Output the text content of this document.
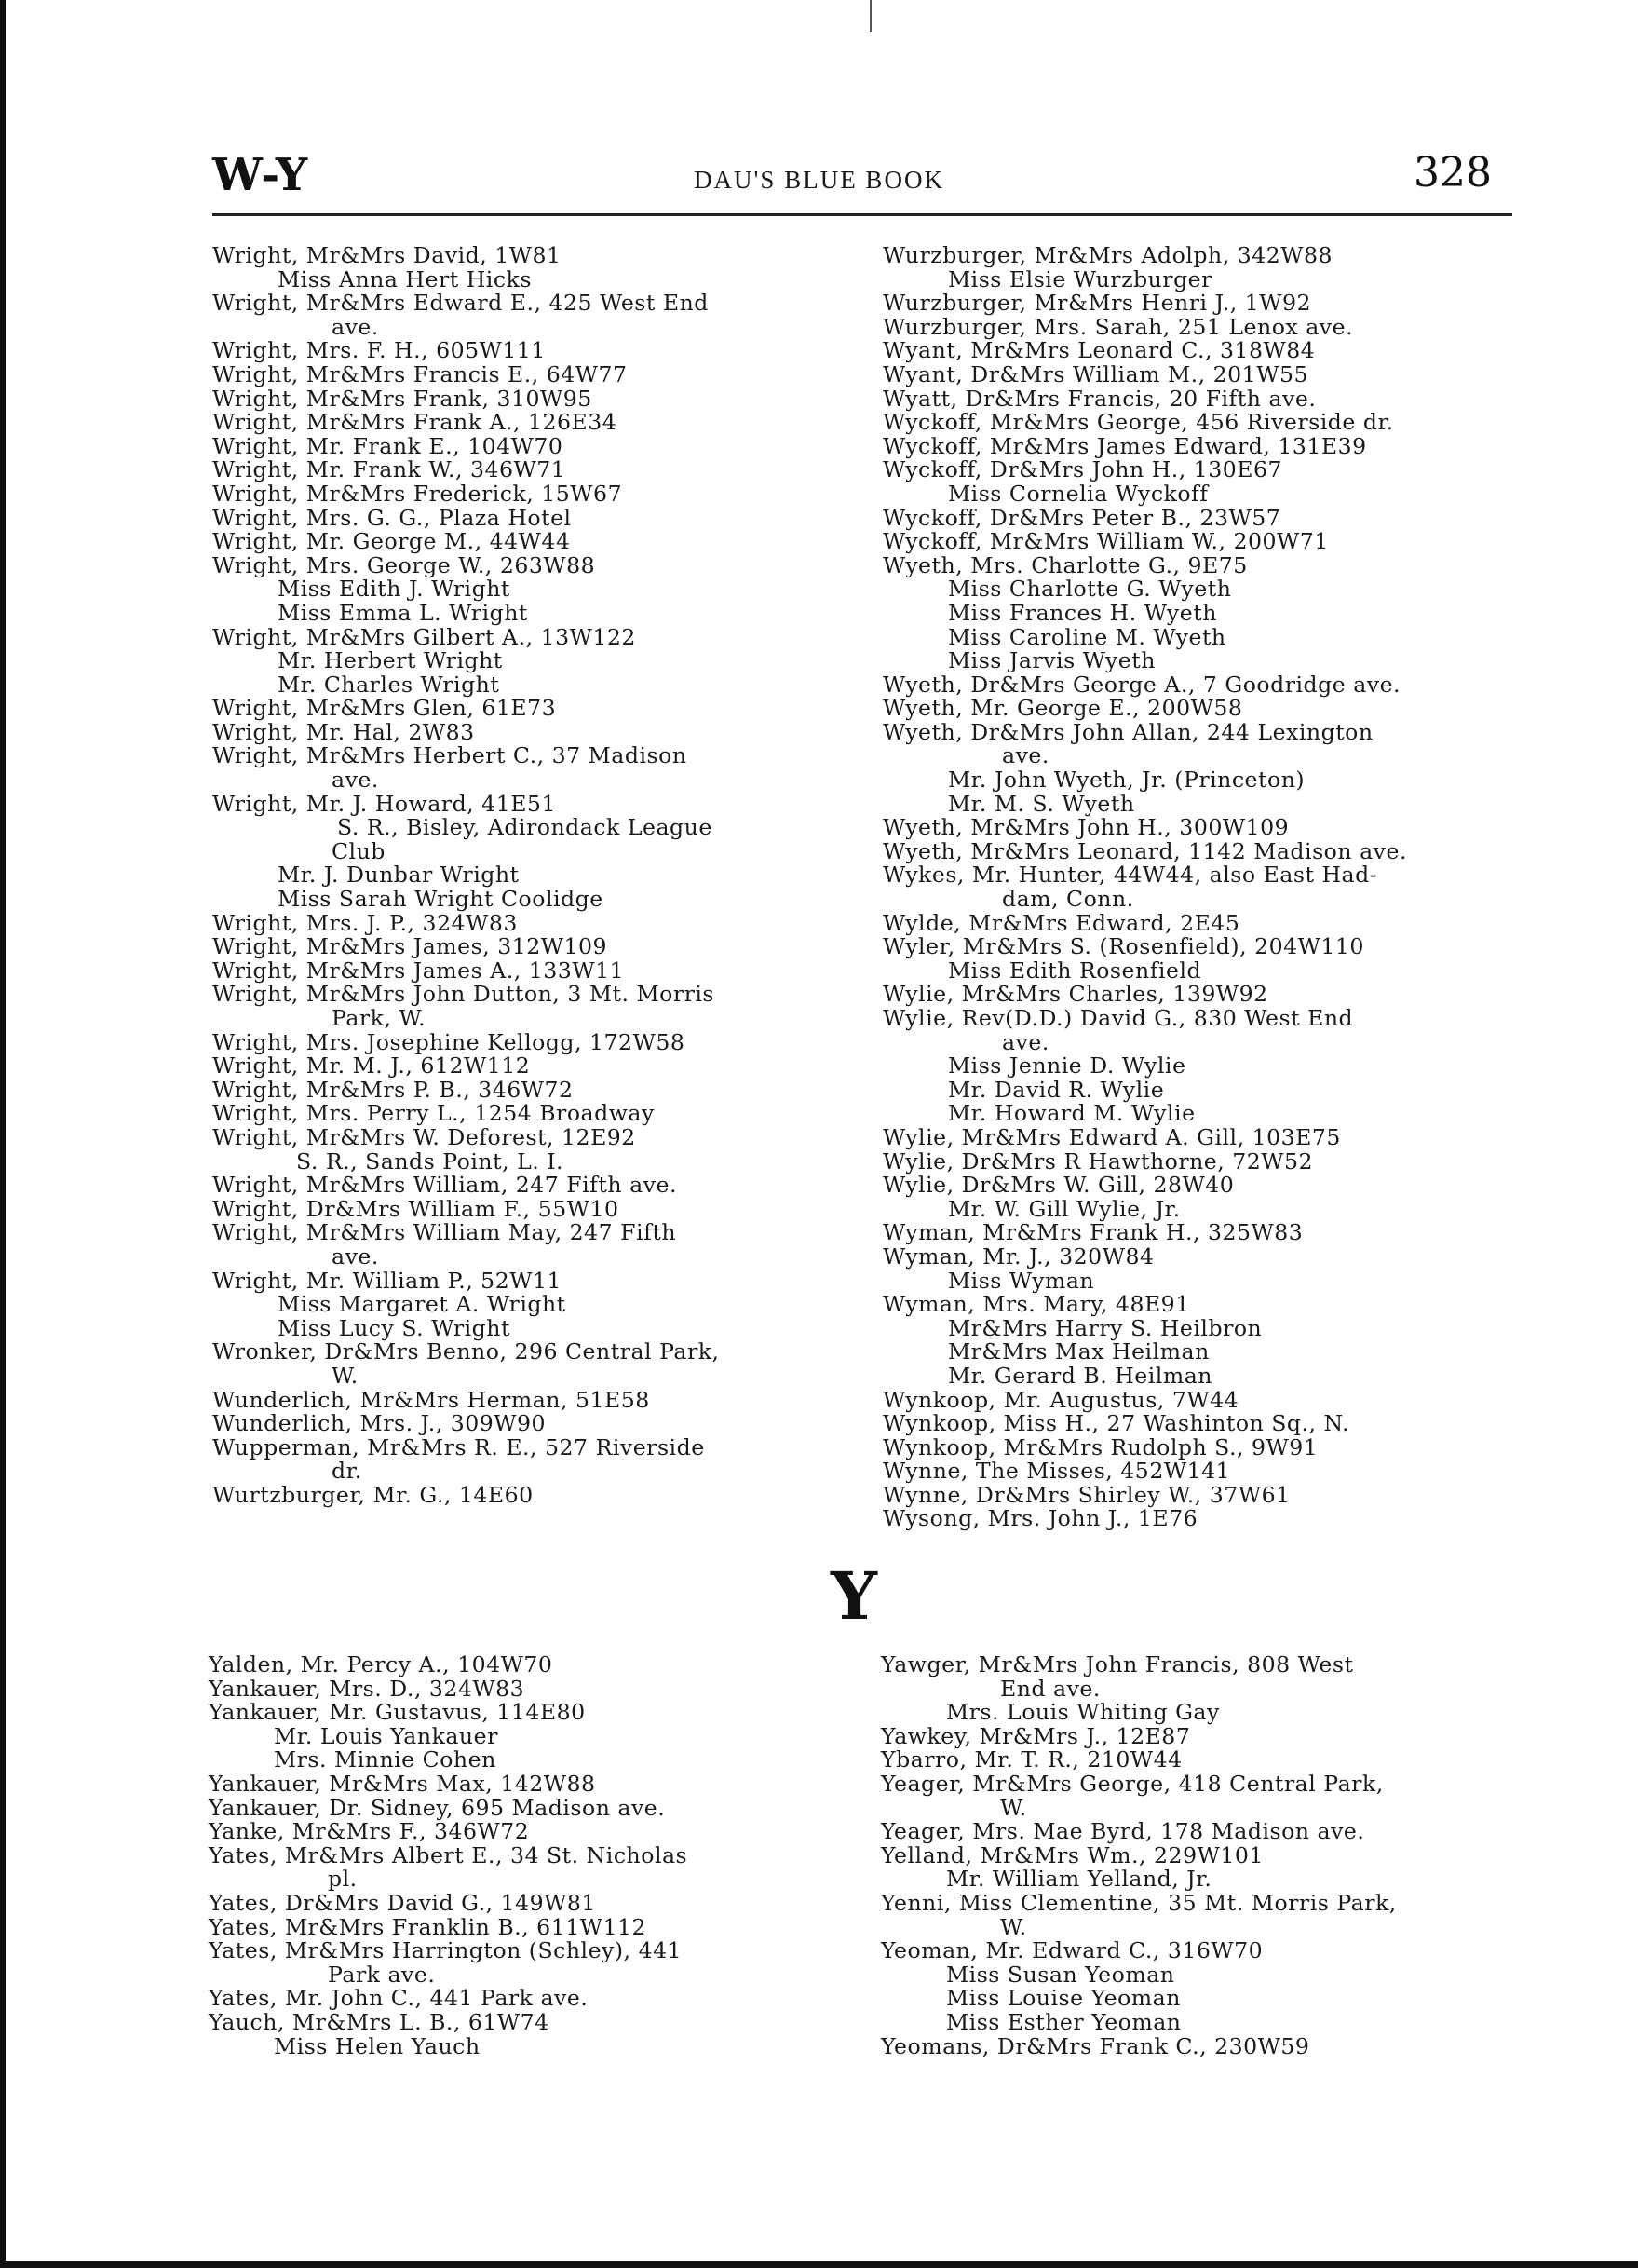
W-Y	DAU'S BLUE BOOK	328
Wright, Mr&Mrs David, 1W81
Miss Anna Hert Hicks
Wright, Mr&Mrs Edward E., 425 West End
ave.
Wright, Mrs. F. H., 605W111
Wright, Mr&Mrs Francis E., 64W77
Wright, Mr&Mrs Frank, 310W95
Wright, Mr&Mrs Frank A., 126E34
Wright, Mr. Frank E., 104W70
Wright, Mr. Frank W., 346W71
Wright, Mr&Mrs Frederick, 15W67
Wright, Mrs. G. G., Plaza Hotel
Wright, Mr. George M., 44W44
Wright, Mrs. George W., 263W88
Miss Edith J. Wright
Miss Emma L. Wright
Wright, Mr&Mrs Gilbert A., 13W122
Mr. Herbert Wright
Mr. Charles Wright
Wright, Mr&Mrs Glen, 61E73
Wright, Mr. Hal, 2W83
Wright, Mr&Mrs Herbert C., 37 Madison
ave.
Wright, Mr. J. Howard, 41E51
S. R., Bisley, Adirondack League
Club
Mr. J. Dunbar Wright
Miss Sarah Wright Coolidge
Wright, Mrs. J. P., 324W83
Wright, Mr&Mrs James, 312W109
Wright, Mr&Mrs James A., 133W11
Wright, Mr&Mrs John Dutton, 3 Mt. Morris
Park, W.
Wright, Mrs. Josephine Kellogg, 172W58
Wright, Mr. M. J., 612W112
Wright, Mr&Mrs P. B., 346W72
Wright, Mrs. Perry L., 1254 Broadway
Wright, Mr&Mrs W. Deforest, 12E92
S. R., Sands Point, L. I.
Wright, Mr&Mrs William, 247 Fifth ave.
Wright, Dr&Mrs William F., 55W10
Wright, Mr&Mrs William May, 247 Fifth
ave.
Wright, Mr. William P., 52W11
Miss Margaret A. Wright
Miss Lucy S. Wright
Wronker, Dr&Mrs Benno, 296 Central Park,
W.
Wunderlich, Mr&Mrs Herman, 51E58
Wunderlich, Mrs. J., 309W90
Wupperman, Mr&Mrs R. E., 527 Riverside
dr.
Wurtzburger, Mr. G., 14E60
Wurzburger, Mr&Mrs Adolph, 342W88
Miss Elsie Wurzburger
Wurzburger, Mr&Mrs Henri J., 1W92
Wurzburger, Mrs. Sarah, 251 Lenox ave.
Wyant, Mr&Mrs Leonard C., 318W84
Wyant, Dr&Mrs William M., 201W55
Wyatt, Dr&Mrs Francis, 20 Fifth ave.
Wyckoff, Mr&Mrs George, 456 Riverside dr.
Wyckoff, Mr&Mrs James Edward, 131E39
Wyckoff, Dr&Mrs John H., 130E67
Miss Cornelia Wyckoff
Wyckoff, Dr&Mrs Peter B., 23W57
Wyckoff, Mr&Mrs William W., 200W71
Wyeth, Mrs. Charlotte G., 9E75
Miss Charlotte G. Wyeth
Miss Frances H. Wyeth
Miss Caroline M. Wyeth
Miss Jarvis Wyeth
Wyeth, Dr&Mrs George A., 7 Goodridge ave.
Wyeth, Mr. George E., 200W58
Wyeth, Dr&Mrs John Allan, 244 Lexington
ave.
Mr. John Wyeth, Jr. (Princeton)
Mr. M. S. Wyeth
Wyeth, Mr&Mrs John H., 300W109
Wyeth, Mr&Mrs Leonard, 1142 Madison ave.
Wykes, Mr. Hunter, 44W44, also East Had-
dam, Conn.
Wylde, Mr&Mrs Edward, 2E45
Wyler, Mr&Mrs S. (Rosenfield), 204W110
Miss Edith Rosenfield
Wylie, Mr&Mrs Charles, 139W92
Wylie, Rev(D.D.) David G., 830 West End
ave.
Miss Jennie D. Wylie
Mr. David R. Wylie
Mr. Howard M. Wylie
Wylie, Mr&Mrs Edward A. Gill, 103E75
Wylie, Dr&Mrs R Hawthorne, 72W52
Wylie, Dr&Mrs W. Gill, 28W40
Mr. W. Gill Wylie, Jr.
Wyman, Mr&Mrs Frank H., 325W83
Wyman, Mr. J., 320W84
Miss Wyman
Wyman, Mrs. Mary, 48E91
Mr&Mrs Harry S. Heilbron
Mr&Mrs Max Heilman
Mr. Gerard B. Heilman
Wynkoop, Mr. Augustus, 7W44
Wynkoop, Miss H., 27 Washinton Sq., N.
Wynkoop, Mr&Mrs Rudolph S., 9W91
Wynne, The Misses, 452W141
Wynne, Dr&Mrs Shirley W., 37W61
Wysong, Mrs. John J., 1E76
Y
Yalden, Mr. Percy A., 104W70
Yankauer, Mrs. D., 324W83
Yankauer, Mr. Gustavus, 114E80
Mr. Louis Yankauer
Mrs. Minnie Cohen
Yankauer, Mr&Mrs Max, 142W88
Yankauer, Dr. Sidney, 695 Madison ave.
Yanke, Mr&Mrs F., 346W72
Yates, Mr&Mrs Albert E., 34 St. Nicholas
pl.
Yates, Dr&Mrs David G., 149W81
Yates, Mr&Mrs Franklin B., 611W112
Yates, Mr&Mrs Harrington (Schley), 441
Park ave.
Yates, Mr. John C., 441 Park ave.
Yauch, Mr&Mrs L. B., 61W74
Miss Helen Yauch
Yawger, Mr&Mrs John Francis, 808 West
End ave.
Mrs. Louis Whiting Gay
Yawkey, Mr&Mrs J., 12E87
Ybarro, Mr. T. R., 210W44
Yeager, Mr&Mrs George, 418 Central Park,
W.
Yeager, Mrs. Mae Byrd, 178 Madison ave.
Yelland, Mr&Mrs Wm., 229W101
Mr. William Yelland, Jr.
Yenni, Miss Clementine, 35 Mt. Morris Park,
W.
Yeoman, Mr. Edward C., 316W70
Miss Susan Yeoman
Miss Louise Yeoman
Miss Esther Yeoman
Yeomans, Dr&Mrs Frank C., 230W59
